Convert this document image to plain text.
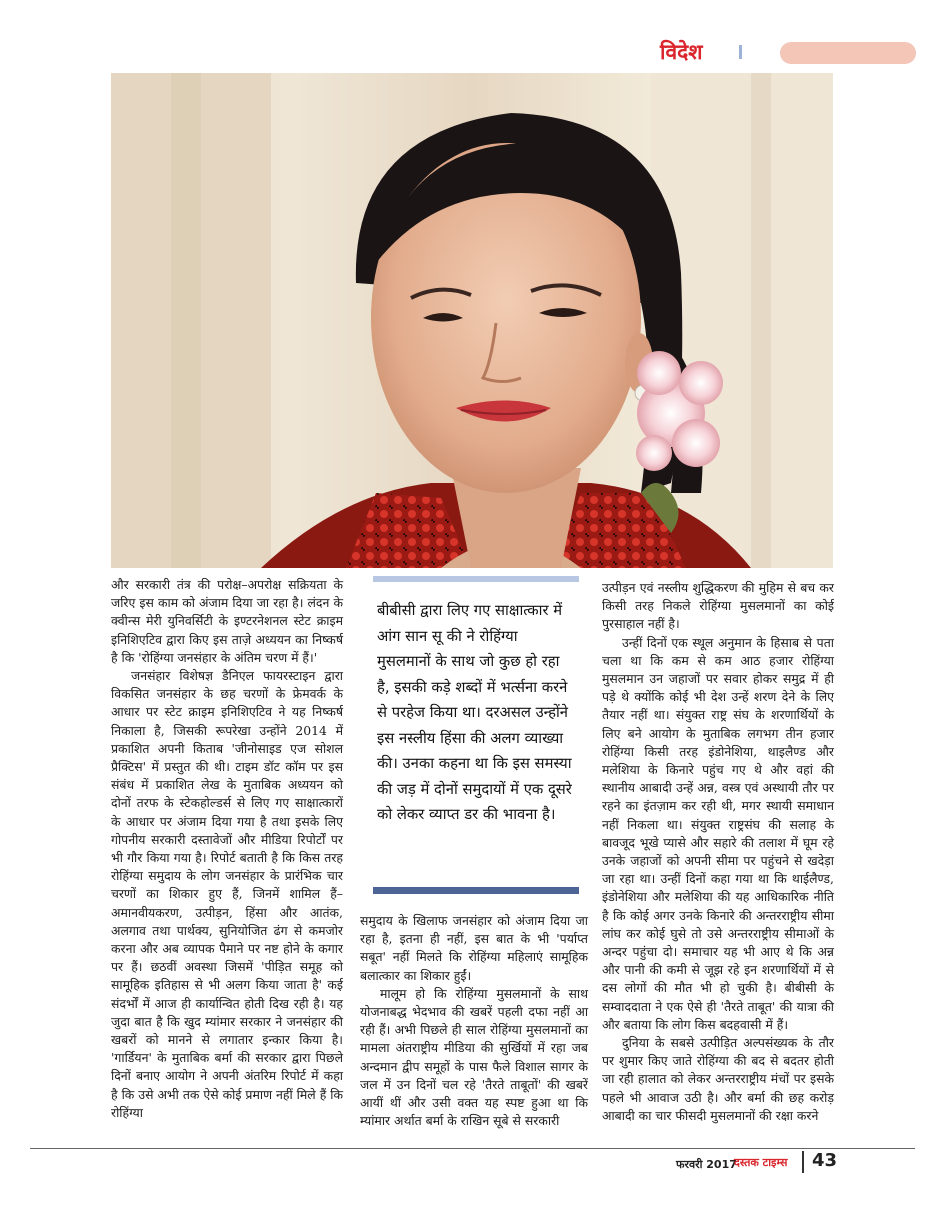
विदेश

और सरकारी तंत्र की परोक्ष–अपरोक्ष सक्रियता के जरिए इस काम को अंजाम दिया जा रहा है। लंदन के क्वीन्स मेरी युनिवर्सिटी के इण्टरनेशनल स्टेट क्राइम इनिशिएटिव द्वारा किए इस ताज़े अध्ययन का निष्कर्ष है कि 'रोहिंग्या जनसंहार के अंतिम चरण में हैं।'

जनसंहार विशेषज्ञ डैनिएल फायरस्टाइन द्वारा विकसित जनसंहार के छह चरणों के फ्रेमवर्क के आधार पर स्टेट क्राइम इनिशिएटिव ने यह निष्कर्ष निकाला है, जिसकी रूपरेखा उन्होंने 2014 में प्रकाशित अपनी किताब 'जीनोसाइड एज सोशल प्रैक्टिस' में प्रस्तुत की थी। टाइम डॉट कॉम पर इस संबंध में प्रकाशित लेख के मुताबिक अध्ययन को दोनों तरफ के स्टेकहोल्डर्स से लिए गए साक्षात्कारों के आधार पर अंजाम दिया गया है तथा इसके लिए गोपनीय सरकारी दस्तावेजों और मीडिया रिपोर्टों पर भी गौर किया गया है। रिपोर्ट बताती है कि किस तरह रोहिंग्या समुदाय के लोग जनसंहार के प्रारंभिक चार चरणों का शिकार हुए हैं, जिनमें शामिल हैं– अमानवीयकरण, उत्पीड़न, हिंसा और आतंक, अलगाव तथा पार्थक्य, सुनियोजित ढंग से कमजोर करना और अब व्यापक पैमाने पर नष्ट होने के कगार पर हैं। छठवीं अवस्था जिसमें 'पीड़ित समूह को सामूहिक इतिहास से भी अलग किया जाता है' कई संदर्भों में आज ही कार्यान्वित होती दिख रही है। यह जुदा बात है कि खुद म्यांमार सरकार ने जनसंहार की खबरों को मानने से लगातार इन्कार किया है। 'गार्डियन' के मुताबिक बर्मा की सरकार द्वारा पिछले दिनों बनाए आयोग ने अपनी अंतरिम रिपोर्ट में कहा है कि उसे अभी तक ऐसे कोई प्रमाण नहीं मिले हैं कि रोहिंग्या

बीबीसी द्वारा लिए गए साक्षात्कार में आंग सान सू की ने रोहिंग्या मुसलमानों के साथ जो कुछ हो रहा है, इसकी कड़े शब्दों में भर्त्सना करने से परहेज किया था। दरअसल उन्होंने इस नस्लीय हिंसा की अलग व्याख्या की। उनका कहना था कि इस समस्या की जड़ में दोनों समुदायों में एक दूसरे को लेकर व्याप्त डर की भावना है।

समुदाय के खिलाफ जनसंहार को अंजाम दिया जा रहा है, इतना ही नहीं, इस बात के भी 'पर्याप्त सबूत' नहीं मिलते कि रोहिंग्या महिलाएं सामूहिक बलात्कार का शिकार हुईं।

मालूम हो कि रोहिंग्या मुसलमानों के साथ योजनाबद्ध भेदभाव की खबरें पहली दफा नहीं आ रही हैं। अभी पिछले ही साल रोहिंग्या मुसलमानों का मामला अंतराष्ट्रीय मीडिया की सुर्खियों में रहा जब अन्दमान द्वीप समूहों के पास फैले विशाल सागर के जल में उन दिनों चल रहे 'तैरते ताबूतों' की खबरें आयीं थीं और उसी वक्त यह स्पष्ट हुआ था कि म्यांमार अर्थात बर्मा के राखिन सूबे से सरकारी

उत्पीड़न एवं नस्लीय शुद्धिकरण की मुहिम से बच कर किसी तरह निकले रोहिंग्या मुसलमानों का कोई पुरसाहाल नहीं है।

उन्हीं दिनों एक स्थूल अनुमान के हिसाब से पता चला था कि कम से कम आठ हजार रोहिंग्या मुसलमान उन जहाजों पर सवार होकर समुद्र में ही पड़े थे क्योंकि कोई भी देश उन्हें शरण देने के लिए तैयार नहीं था। संयुक्त राष्ट्र संघ के शरणार्थियों के लिए बने आयोग के मुताबिक लगभग तीन हजार रोहिंग्या किसी तरह इंडोनेशिया, थाइलैण्ड और मलेशिया के किनारे पहुंच गए थे और वहां की स्थानीय आबादी उन्हें अन्न, वस्त्र एवं अस्थायी तौर पर रहने का इंतज़ाम कर रही थी, मगर स्थायी समाधान नहीं निकला था। संयुक्त राष्ट्रसंघ की सलाह के बावजूद भूखे प्यासे और सहारे की तलाश में घूम रहे उनके जहाजों को अपनी सीमा पर पहुंचने से खदेड़ा जा रहा था। उन्हीं दिनों कहा गया था कि थाईलैण्ड, इंडोनेशिया और मलेशिया की यह आधिकारिक नीति है कि कोई अगर उनके किनारे की अन्तरराष्ट्रीय सीमा लांघ कर कोई घुसे तो उसे अन्तरराष्ट्रीय सीमाओं के अन्दर पहुंचा दो। समाचार यह भी आए थे कि अन्न और पानी की कमी से जूझ रहे इन शरणार्थियों में से दस लोगों की मौत भी हो चुकी है। बीबीसी के सम्वाददाता ने एक ऐसे ही 'तैरते ताबूत' की यात्रा की और बताया कि लोग किस बदहवासी में हैं।

दुनिया के सबसे उत्पीड़ित अल्पसंख्यक के तौर पर शुमार किए जाते रोहिंग्या की बद से बदतर होती जा रही हालात को लेकर अन्तरराष्ट्रीय मंचों पर इसके पहले भी आवाज उठी है। और बर्मा की छह करोड़ आबादी का चार फीसदी मुसलमानों की रक्षा करने

फरवरी 2017
दस्तक टाइम्स 43
